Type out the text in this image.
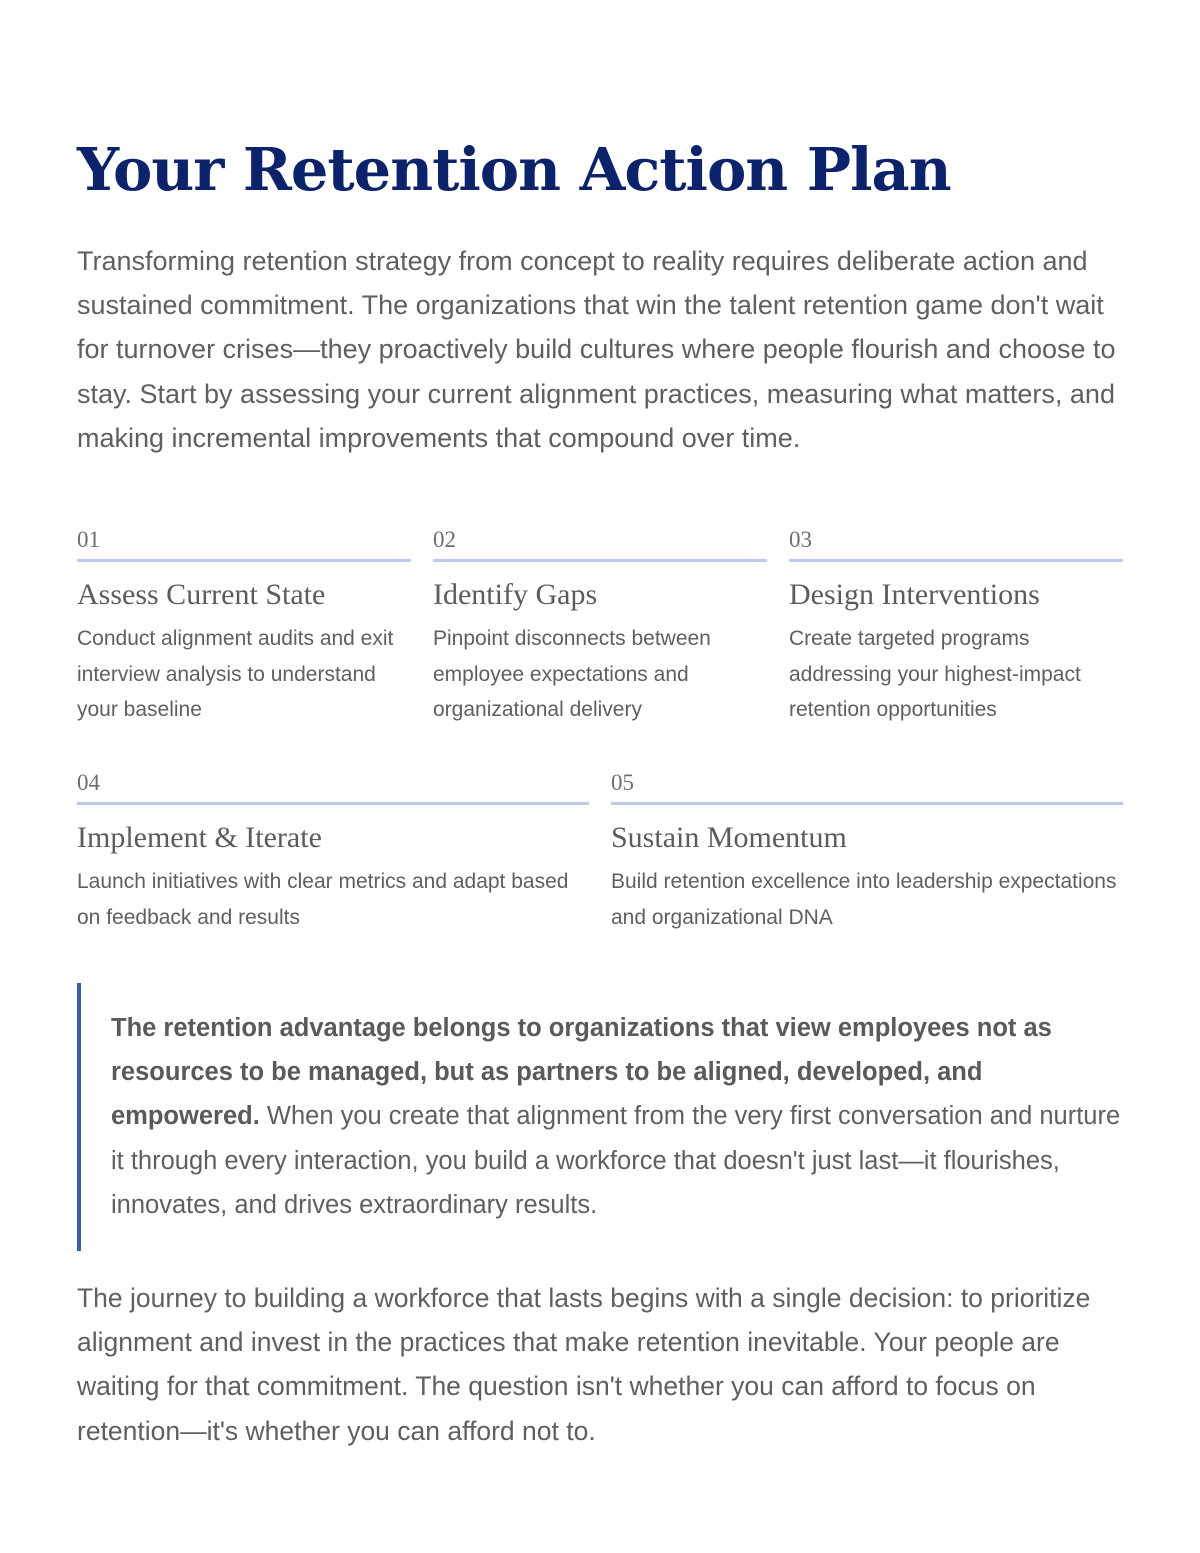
Your Retention Action Plan

Transforming retention strategy from concept to reality requires deliberate action and sustained commitment. The organizations that win the talent retention game don't wait for turnover crises—they proactively build cultures where people flourish and choose to stay. Start by assessing your current alignment practices, measuring what matters, and making incremental improvements that compound over time.

01
Assess Current State
Conduct alignment audits and exit interview analysis to understand your baseline
02
Identify Gaps
Pinpoint disconnects between employee expectations and organizational delivery
03
Design Interventions
Create targeted programs addressing your highest-impact retention opportunities
04
Implement & Iterate
Launch initiatives with clear metrics and adapt based on feedback and results
05
Sustain Momentum
Build retention excellence into leadership expectations and organizational DNA

The retention advantage belongs to organizations that view employees not as resources to be managed, but as partners to be aligned, developed, and empowered. When you create that alignment from the very first conversation and nurture it through every interaction, you build a workforce that doesn't just last—it flourishes, innovates, and drives extraordinary results.

The journey to building a workforce that lasts begins with a single decision: to prioritize alignment and invest in the practices that make retention inevitable. Your people are waiting for that commitment. The question isn't whether you can afford to focus on retention—it's whether you can afford not to.
